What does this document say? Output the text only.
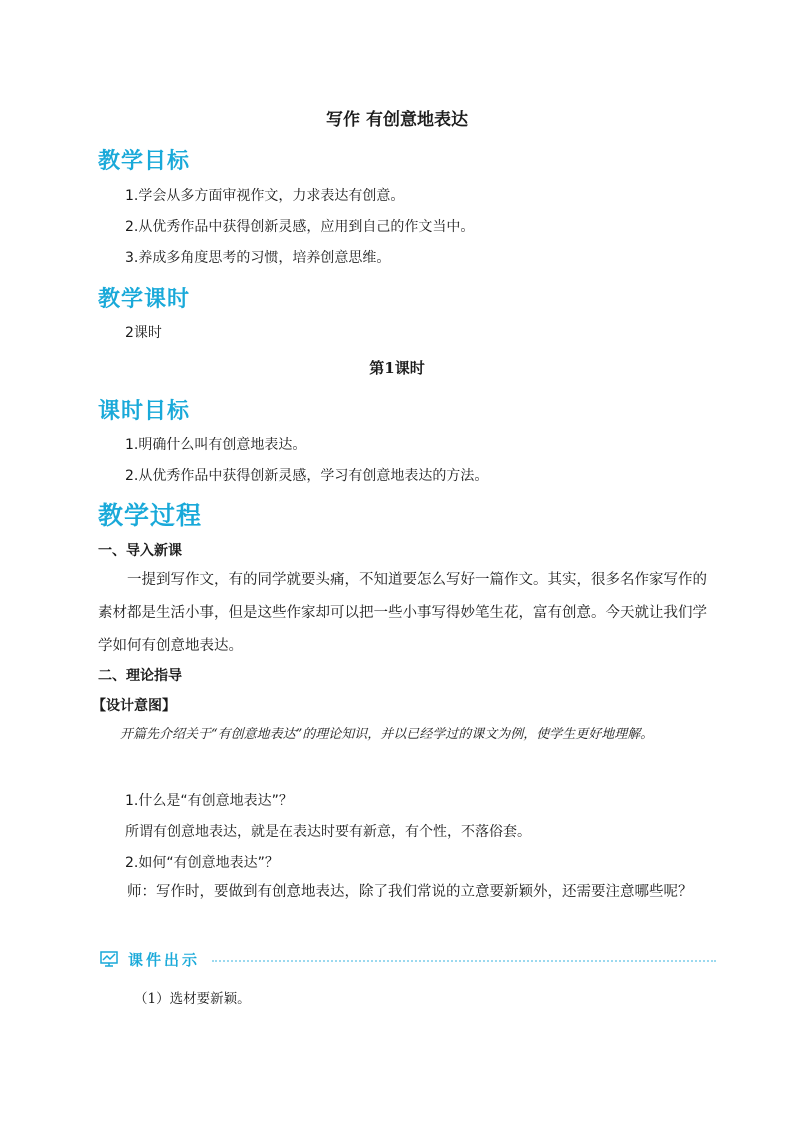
写作 有创意地表达
教学目标
1.学会从多方面审视作文，力求表达有创意。
2.从优秀作品中获得创新灵感，应用到自己的作文当中。
3.养成多角度思考的习惯，培养创意思维。
教学课时
2课时
第1课时
课时目标
1.明确什么叫有创意地表达。
2.从优秀作品中获得创新灵感，学习有创意地表达的方法。
教学过程
一、导入新课
一提到写作文，有的同学就要头痛，不知道要怎么写好一篇作文。其实，很多名作家写作的素材都是生活小事，但是这些作家却可以把一些小事写得妙笔生花，富有创意。今天就让我们学学如何有创意地表达。
二、理论指导
【设计意图】
开篇先介绍关于“有创意地表达”的理论知识，并以已经学过的课文为例，使学生更好地理解。
1.什么是“有创意地表达”？
所谓有创意地表达，就是在表达时要有新意，有个性，不落俗套。
2.如何“有创意地表达”？
师：写作时，要做到有创意地表达，除了我们常说的立意要新颖外，还需要注意哪些呢？
课件出示
（1）选材要新颖。
